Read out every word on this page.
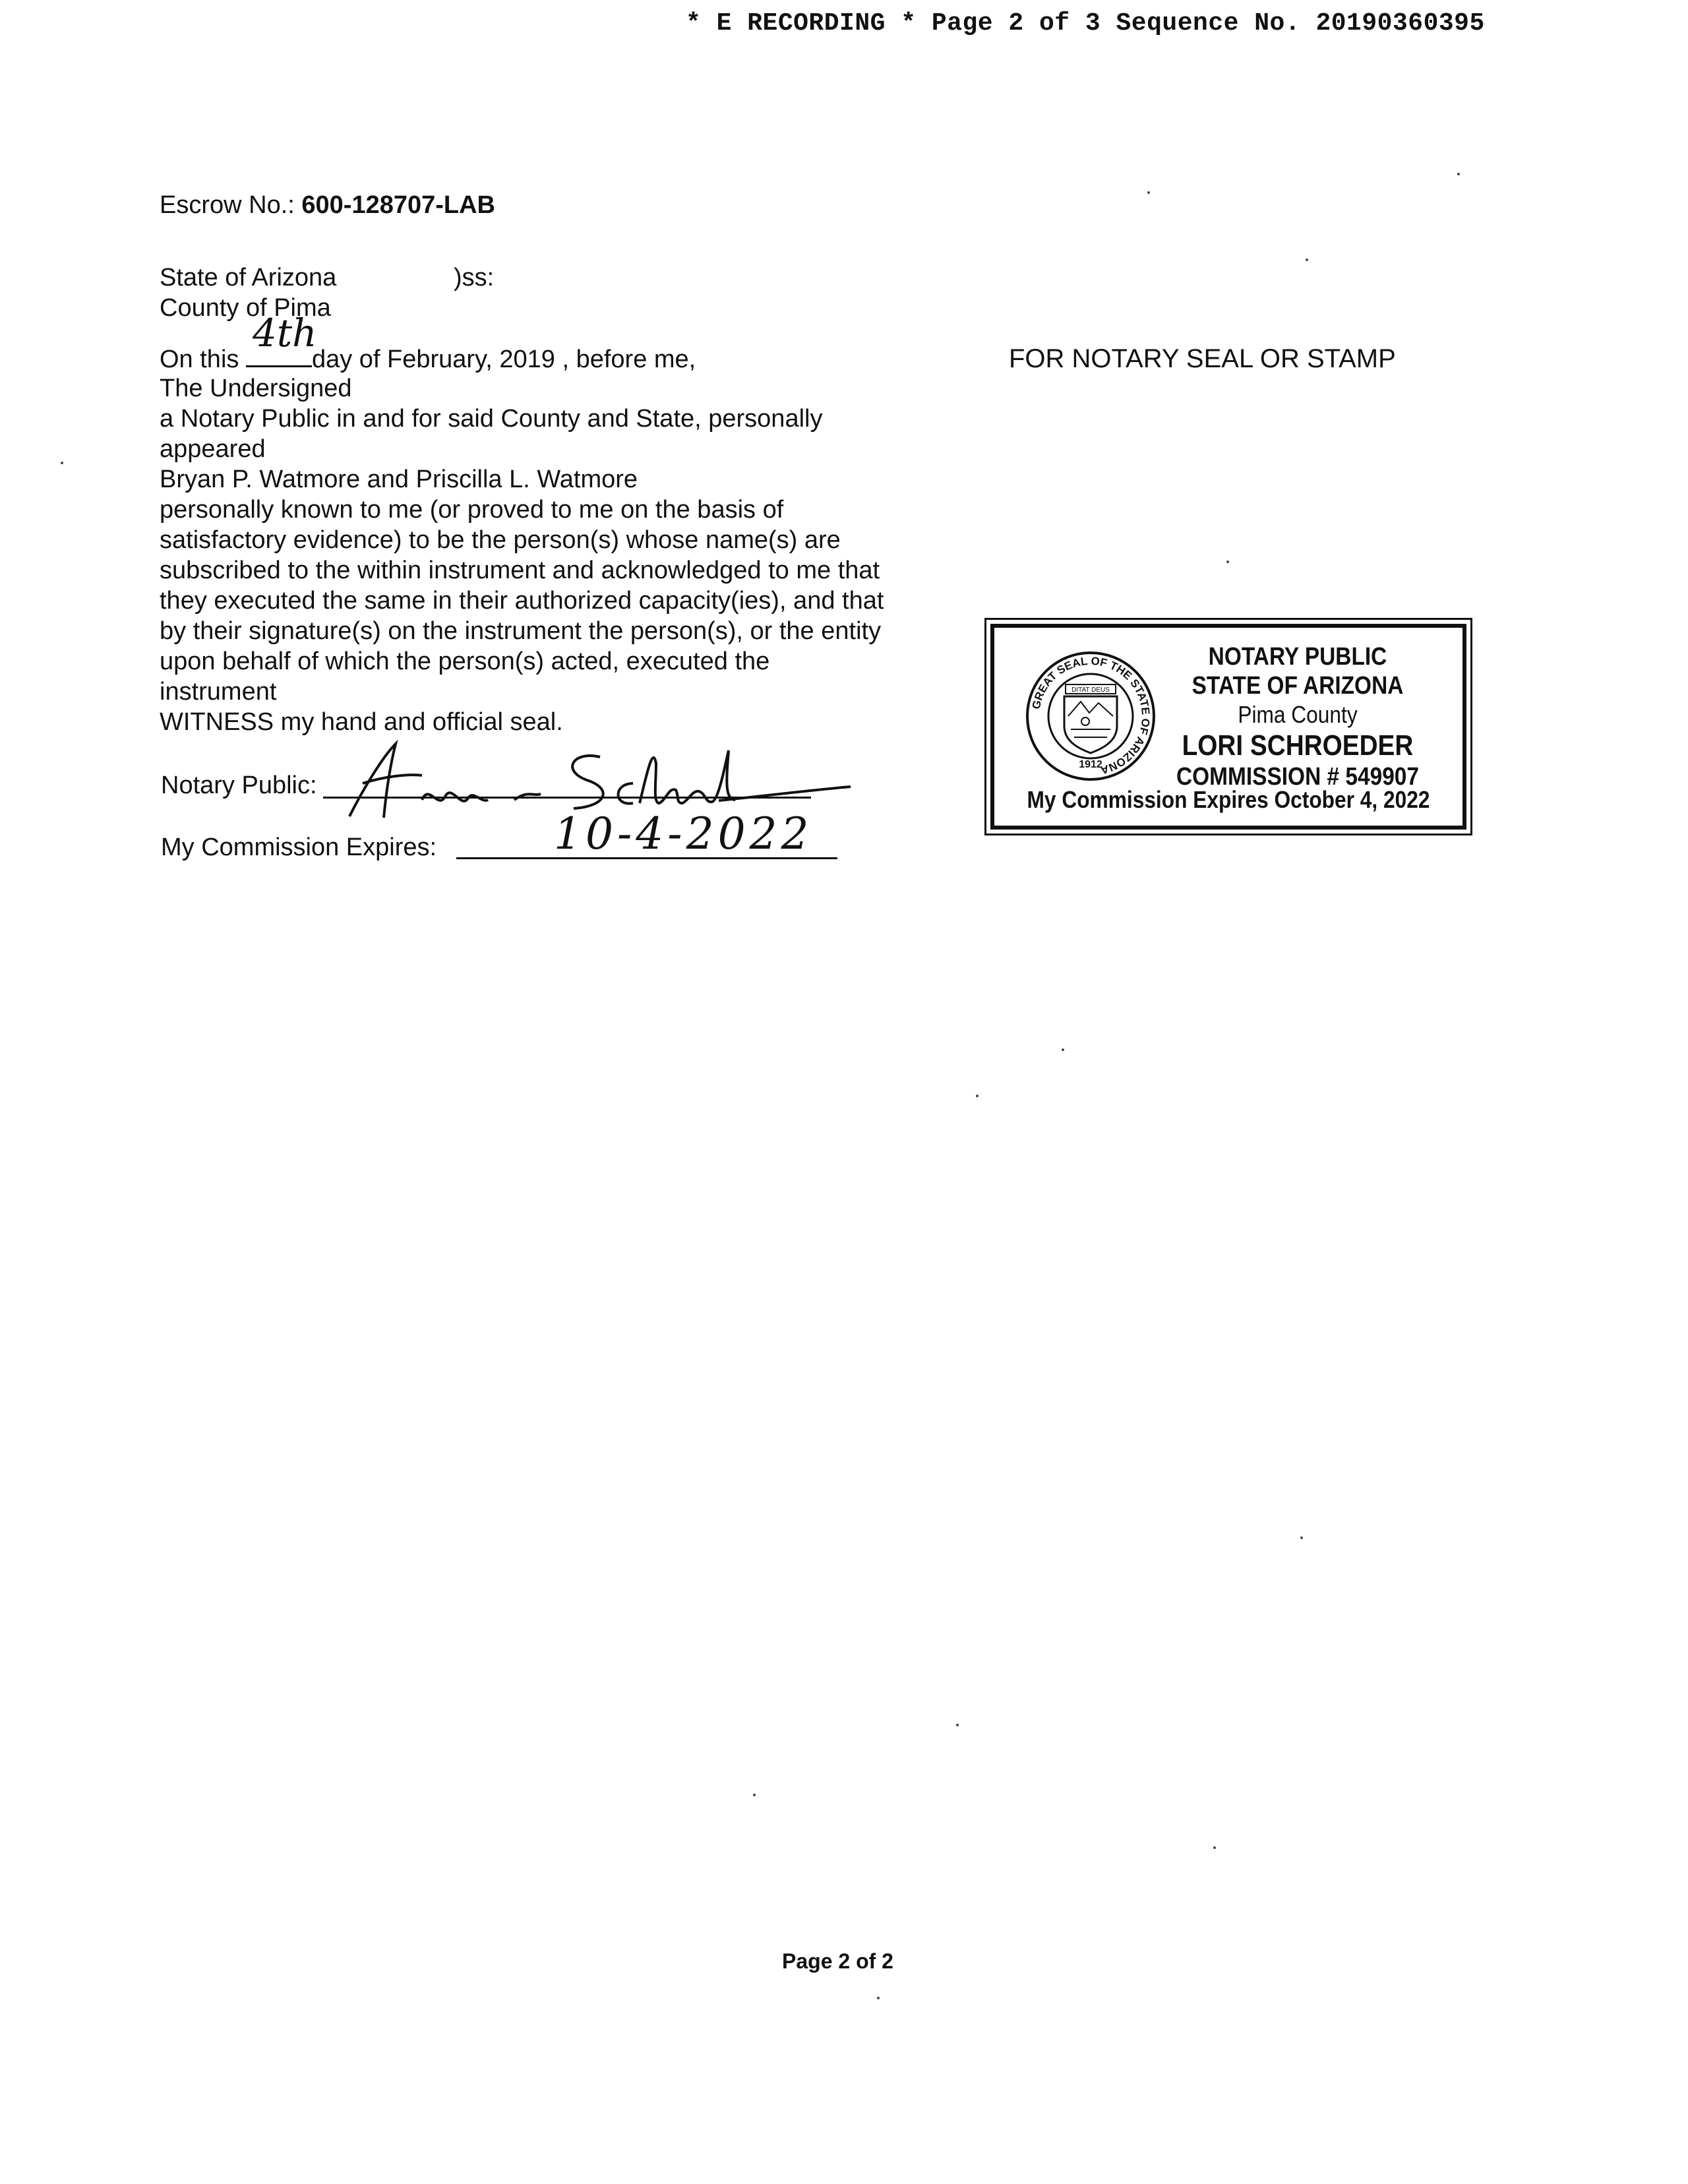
* E RECORDING * Page 2 of 3 Sequence No. 20190360395
Escrow No.: 600-128707-LAB
State of Arizona	)ss:
County of Pima
On this
4th
day of February, 2019 , before me,
The Undersigned
a Notary Public in and for said County and State, personally
appeared
Bryan P. Watmore and Priscilla L. Watmore
personally known to me (or proved to me on the basis of
satisfactory evidence) to be the person(s) whose name(s) are
subscribed to the within instrument and acknowledged to me that
they executed the same in their authorized capacity(ies), and that
by their signature(s) on the instrument the person(s), or the entity
upon behalf of which the person(s) acted, executed the
instrument
WITNESS my hand and official seal.
FOR NOTARY SEAL OR STAMP
Notary Public:
My Commission Expires:	10-4-2022
GREAT SEAL OF THE STATE OF ARIZONA
DITAT DEUS
1912
NOTARY PUBLIC
STATE OF ARIZONA
Pima County
LORI SCHROEDER
COMMISSION # 549907
My Commission Expires October 4, 2022
Page 2 of 2
